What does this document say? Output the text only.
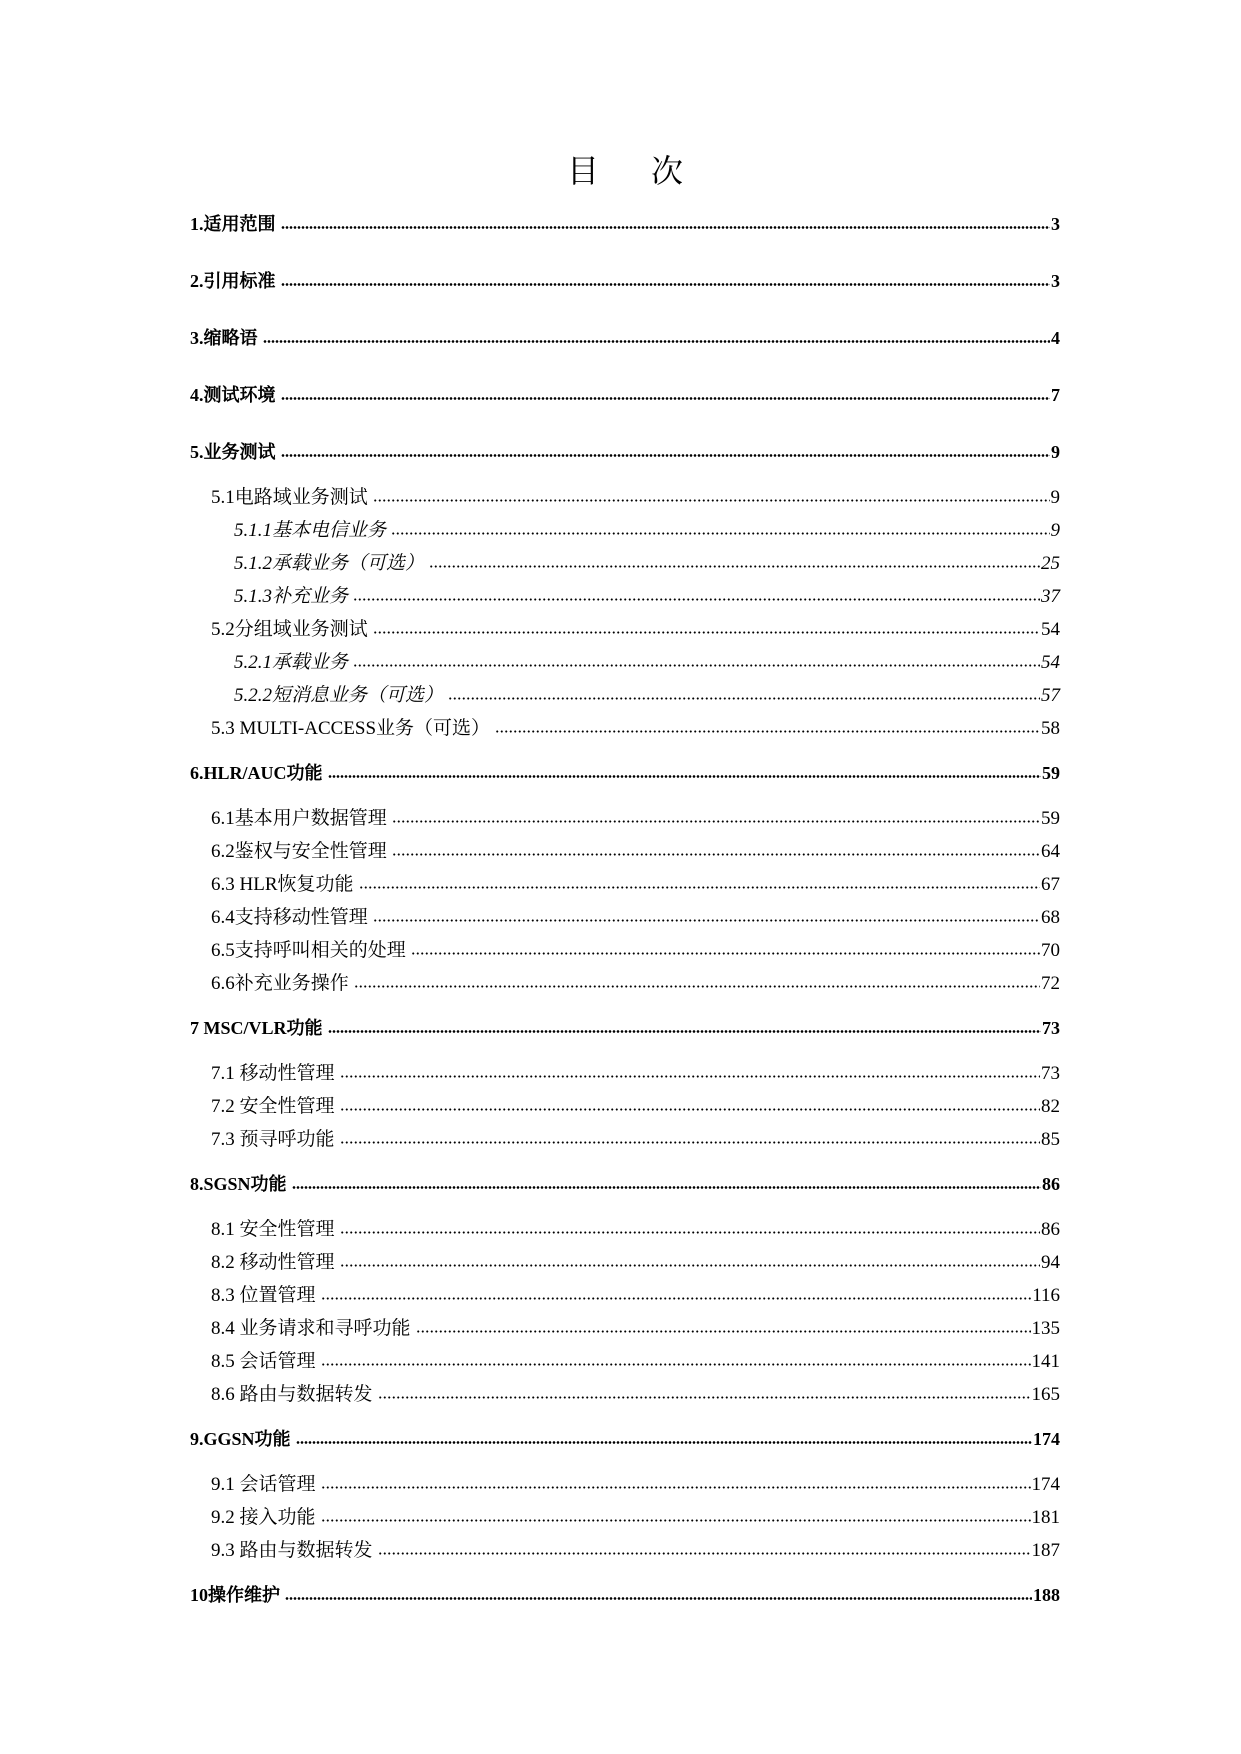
目 次
1.适用范围	3
2.引用标准	3
3.缩略语	4
4.测试环境	7
5.业务测试	9
5.1电路域业务测试	9
5.1.1基本电信业务	9
5.1.2承载业务（可选）	25
5.1.3补充业务	37
5.2分组域业务测试	54
5.2.1承载业务	54
5.2.2短消息业务（可选）	57
5.3 MULTI-ACCESS业务（可选）	58
6.HLR/AUC功能	59
6.1基本用户数据管理	59
6.2鉴权与安全性管理	64
6.3 HLR恢复功能	67
6.4支持移动性管理	68
6.5支持呼叫相关的处理	70
6.6补充业务操作	72
7 MSC/VLR功能	73
7.1 移动性管理	73
7.2 安全性管理	82
7.3 预寻呼功能	85
8.SGSN功能	86
8.1 安全性管理	86
8.2 移动性管理	94
8.3 位置管理	116
8.4 业务请求和寻呼功能	135
8.5 会话管理	141
8.6 路由与数据转发	165
9.GGSN功能	174
9.1 会话管理	174
9.2 接入功能	181
9.3 路由与数据转发	187
10操作维护	188
